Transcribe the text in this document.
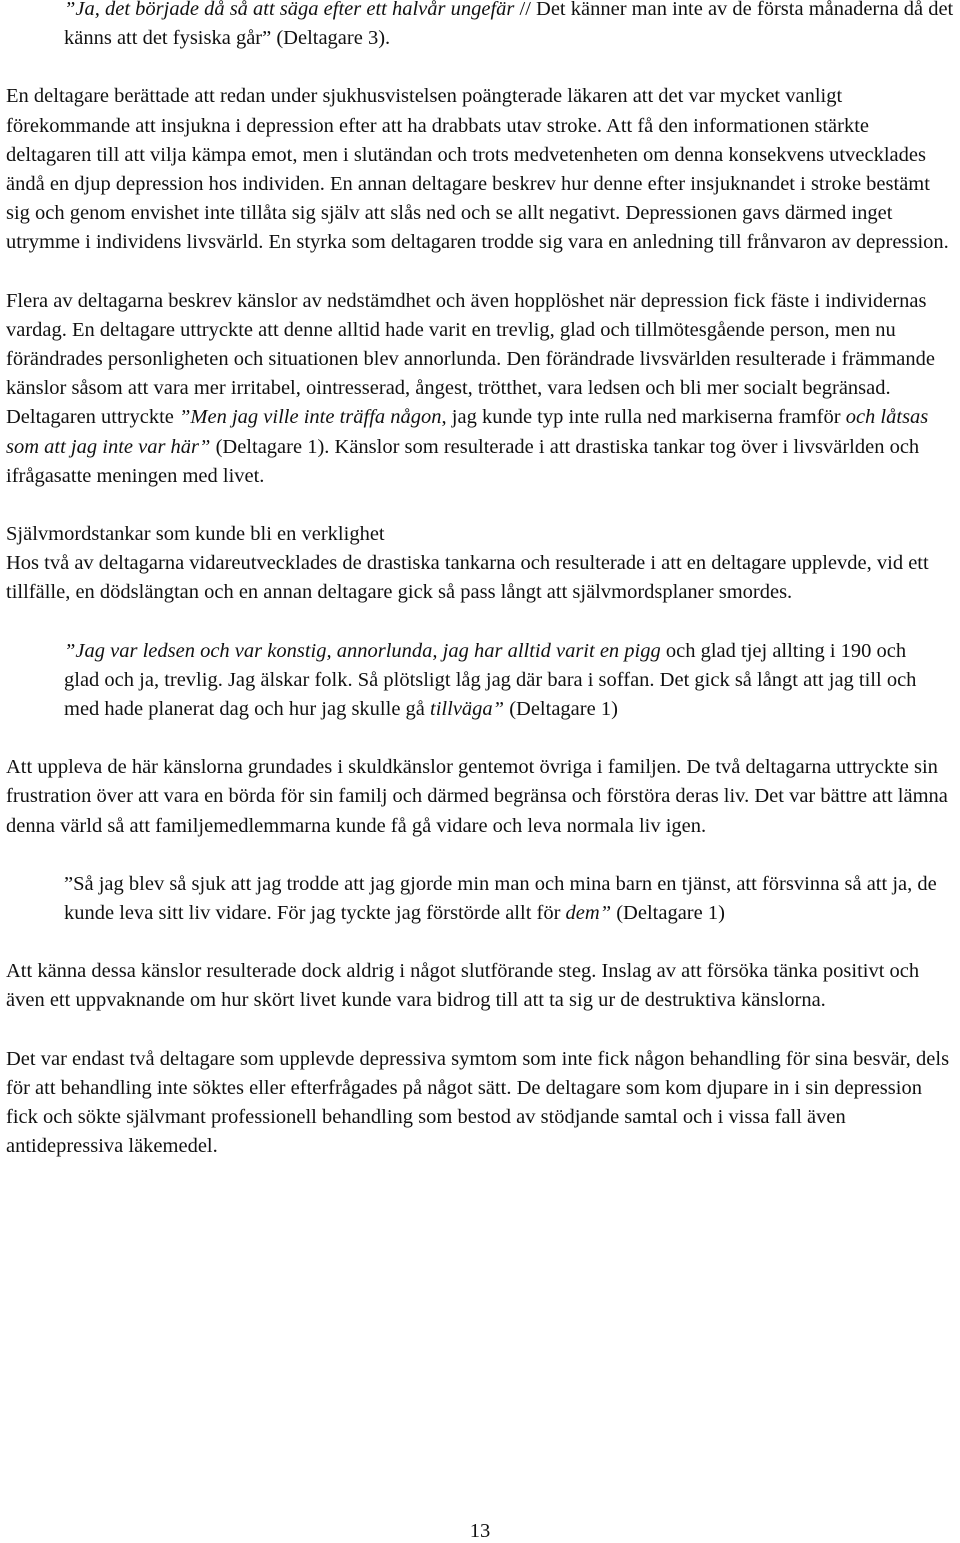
”Ja, det började då så att säga efter ett halvår ungefär // Det känner man inte av de första månaderna då det känns att det fysiska går” (Deltagare 3).

En deltagare berättade att redan under sjukhusvistelsen poängterade läkaren att det var mycket vanligt förekommande att insjukna i depression efter att ha drabbats utav stroke. Att få den informationen stärkte deltagaren till att vilja kämpa emot, men i slutändan och trots medvetenheten om denna konsekvens utvecklades ändå en djup depression hos individen. En annan deltagare beskrev hur denne efter insjuknandet i stroke bestämt sig och genom envishet inte tillåta sig själv att slås ned och se allt negativt. Depressionen gavs därmed inget utrymme i individens livsvärld. En styrka som deltagaren trodde sig vara en anledning till frånvaron av depression.

Flera av deltagarna beskrev känslor av nedstämdhet och även hopplöshet när depression fick fäste i individernas vardag. En deltagare uttryckte att denne alltid hade varit en trevlig, glad och tillmötesgående person, men nu förändrades personligheten och situationen blev annorlunda. Den förändrade livsvärlden resulterade i främmande känslor såsom att vara mer irritabel, ointresserad, ångest, trötthet, vara ledsen och bli mer socialt begränsad. Deltagaren uttryckte ”Men jag ville inte träffa någon, jag kunde typ inte rulla ned markiserna framför och låtsas som att jag inte var här” (Deltagare 1). Känslor som resulterade i att drastiska tankar tog över i livsvärlden och ifrågasatte meningen med livet.

Självmordstankar som kunde bli en verklighet

Hos två av deltagarna vidareutvecklades de drastiska tankarna och resulterade i att en deltagare upplevde, vid ett tillfälle, en dödslängtan och en annan deltagare gick så pass långt att självmordsplaner smordes.

”Jag var ledsen och var konstig, annorlunda, jag har alltid varit en pigg och glad tjej allting i 190 och glad och ja, trevlig. Jag älskar folk. Så plötsligt låg jag där bara i soffan. Det gick så långt att jag till och med hade planerat dag och hur jag skulle gå tillväga” (Deltagare 1)

Att uppleva de här känslorna grundades i skuldkänslor gentemot övriga i familjen. De två deltagarna uttryckte sin frustration över att vara en börda för sin familj och därmed begränsa och förstöra deras liv. Det var bättre att lämna denna värld så att familjemedlemmarna kunde få gå vidare och leva normala liv igen.

”Så jag blev så sjuk att jag trodde att jag gjorde min man och mina barn en tjänst, att försvinna så att ja, de kunde leva sitt liv vidare. För jag tyckte jag förstörde allt för dem” (Deltagare 1)

Att känna dessa känslor resulterade dock aldrig i något slutförande steg. Inslag av att försöka tänka positivt och även ett uppvaknande om hur skört livet kunde vara bidrog till att ta sig ur de destruktiva känslorna.

Det var endast två deltagare som upplevde depressiva symtom som inte fick någon behandling för sina besvär, dels för att behandling inte söktes eller efterfrågades på något sätt. De deltagare som kom djupare in i sin depression fick och sökte självmant professionell behandling som bestod av stödjande samtal och i vissa fall även antidepressiva läkemedel.

13
